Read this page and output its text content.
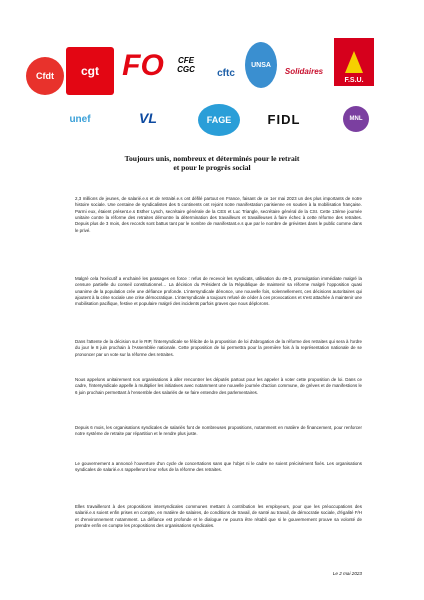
Cfdt cgt FO	CFE CGC	cftc
UNSA
Solidaires
F.S.U.
unef	VL	FAGE	FIDL	MNL
Toujours unis, nombreux et déterminés pour le retrait
et pour le progrès social

2,3 millions de jeunes, de salarié.e.s et de retraité.e.s ont défilé partout en France, faisant de ce 1er mai 2023 un des plus importants de notre histoire sociale. Une centaine de syndicalistes des 5 continents ont rejoint notre manifestation parisienne en soutien à la mobilisation française. Parmi eux, étaient présent.e.s Esther Lynch, secrétaire générale de la CES et Luc Triangle, secrétaire général de la CSI. Cette 13ème journée unitaire contre la réforme des retraites démontre la détermination des travailleurs et travailleuses à faire échec à cette réforme des retraites. Depuis plus de 3 mois, des records sont battus tant par le nombre de manifestant.e.s que par le nombre de grévistes dans le public comme dans le privé.

Malgré cela l'exécutif a enchainé les passages en force : refus de recevoir les syndicats, utilisation du 49-3, promulgation immédiate malgré la censure partielle du conseil constitutionnel… La décision du Président de la République de maintenir sa réforme malgré l'opposition quasi unanime de la population crée une défiance profonde. L'intersyndicale dénonce, une nouvelle fois, solennellement, ces décisions autoritaires qui ajoutent à la crise sociale une crise démocratique. L'intersyndicale a toujours refusé de céder à ces provocations et s'est attachée à maintenir une mobilisation pacifique, festive et populaire malgré des incidents parfois graves que nous déplorons.

Dans l'attente de la décision sur le RIP, l'intersyndicale se félicite de la proposition de loi d'abrogation de la réforme des retraites qui sera à l'ordre du jour le 8 juin prochain à l'Assemblée nationale. Cette proposition de loi permettra pour la première fois à la représentation nationale de se prononcer par un vote sur la réforme des retraites.

Nous appelons unitairement nos organisations à aller rencontrer les députés partout pour les appeler à voter cette proposition de loi. Dans ce cadre, l'intersyndicale appelle à multiplier les initiatives avec notamment une nouvelle journée d'action commune, de grèves et de manifestions le 6 juin prochain permettant à l'ensemble des salariés de se faire entendre des parlementaires.

Depuis 6 mois, les organisations syndicales de salariés font de nombreuses propositions, notamment en matière de financement, pour renforcer notre système de retraite par répartition et le rendre plus juste.

Le gouvernement a annoncé l'ouverture d'un cycle de concertations sans que l'objet ni le cadre ne soient précisément fixés. Les organisations syndicales de salarié.e.s rappelleront leur refus de la réforme des retraites.

Elles travailleront à des propositions intersyndicales communes mettant à contribution les employeurs, pour que les préoccupations des salarié.e.s soient enfin prises en compte, en matière de salaires, de conditions de travail, de santé au travail, de démocratie sociale, d'égalité F/H et d'environnement notamment. La défiance est profonde et le dialogue ne pourra être rétabli que si le gouvernement prouve sa volonté de prendre enfin en compte les propositions des organisations syndicales.

Le 2 mai 2023
